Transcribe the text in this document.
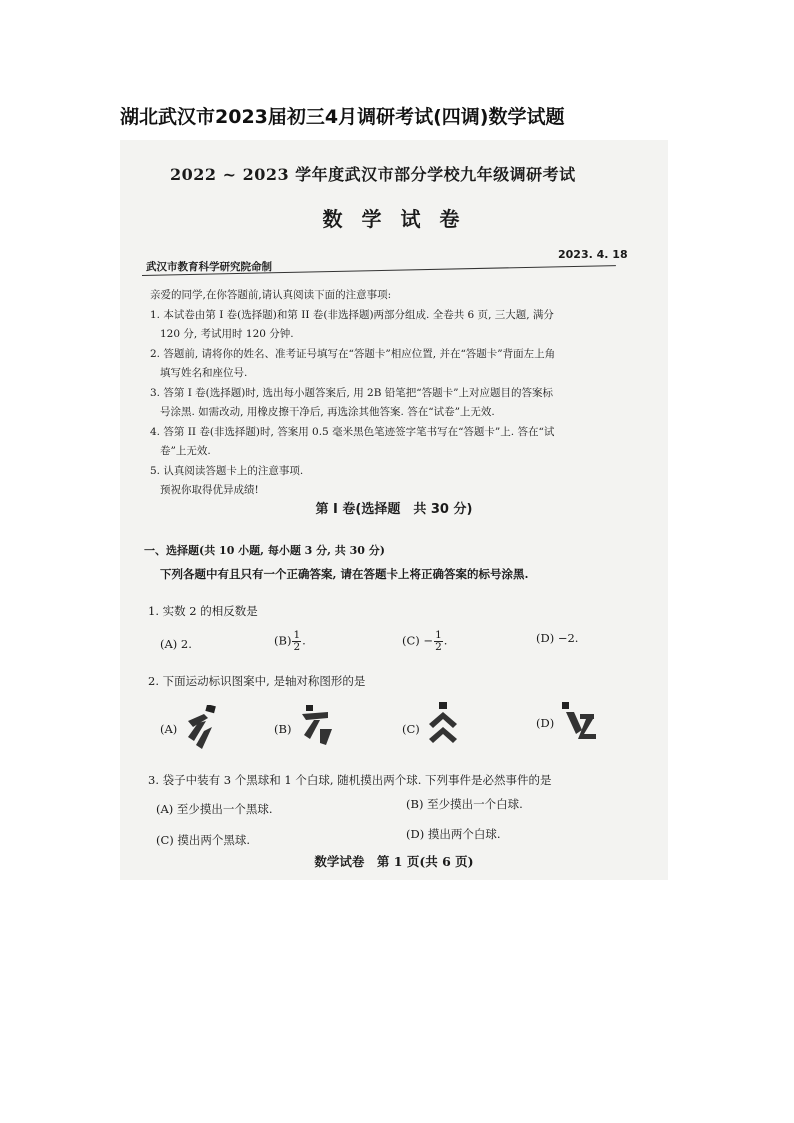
湖北武汉市2023届初三4月调研考试(四调)数学试题
2022 ~ 2023 学年度武汉市部分学校九年级调研考试
数 学 试 卷
2023. 4. 18
武汉市教育科学研究院命制
亲爱的同学,在你答题前,请认真阅读下面的注意事项:
1. 本试卷由第 I 卷(选择题)和第 II 卷(非选择题)两部分组成. 全卷共 6 页, 三大题, 满分
120 分, 考试用时 120 分钟.
2. 答题前, 请将你的姓名、准考证号填写在“答题卡”相应位置, 并在“答题卡”背面左上角
填写姓名和座位号.
3. 答第 I 卷(选择题)时, 选出每小题答案后, 用 2B 铅笔把“答题卡”上对应题目的答案标
号涂黑. 如需改动, 用橡皮擦干净后, 再选涂其他答案. 答在“试卷”上无效.
4. 答第 II 卷(非选择题)时, 答案用 0.5 毫米黑色笔迹签字笔书写在“答题卡”上. 答在“试
卷”上无效.
5. 认真阅读答题卡上的注意事项.
预祝你取得优异成绩!
第 I 卷(选择题　共 30 分)
一、选择题(共 10 小题, 每小题 3 分, 共 30 分)
下列各题中有且只有一个正确答案, 请在答题卡上将正确答案的标号涂黑.
1. 实数 2 的相反数是
(A) 2.	$(B) \frac{1}{2}$ .	$(C) - \frac{1}{2}$ .	(D) −2.
2. 下面运动标识图案中, 是轴对称图形的是
(A)	(B)	(C)	(D)
3. 袋子中装有 3 个黑球和 1 个白球, 随机摸出两个球. 下列事件是必然事件的是
(A) 至少摸出一个黑球.	(B) 至少摸出一个白球.
(C) 摸出两个黑球.	(D) 摸出两个白球.
数学试卷　第 1 页(共 6 页)
